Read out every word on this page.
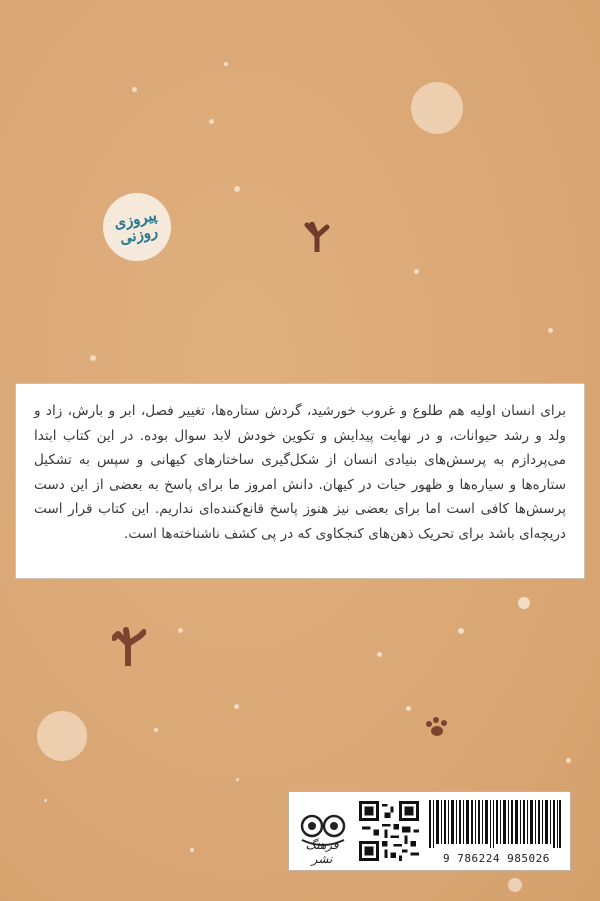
پیروزی روزنی

برای انسان اولیه هم طلوع و غروب خورشید، گردش ستاره‌ها، تغییر فصل، ابر و بارش، زاد و ولد و رشد حیوانات، و در نهایت پیدایش و تکوین خودش لابد سوال بوده. در این کتاب ابتدا می‌پردازم به پرسش‌های بنیادی انسان از شکل‌گیری ساختارهای کیهانی و سپس به تشکیل ستاره‌ها و سیاره‌ها و ظهور حیات در کیهان. دانش امروز ما برای پاسخ به بعضی از این دست پرسش‌ها کافی است اما برای بعضی نیز هنوز پاسخ قانع‌کننده‌ای نداریم. این کتاب قرار است دریچه‌ای باشد برای تحریک ذهن‌های کنجکاوی که در پی کشف ناشناخته‌ها است.

فرهنگ نشر	9 786224 985026
